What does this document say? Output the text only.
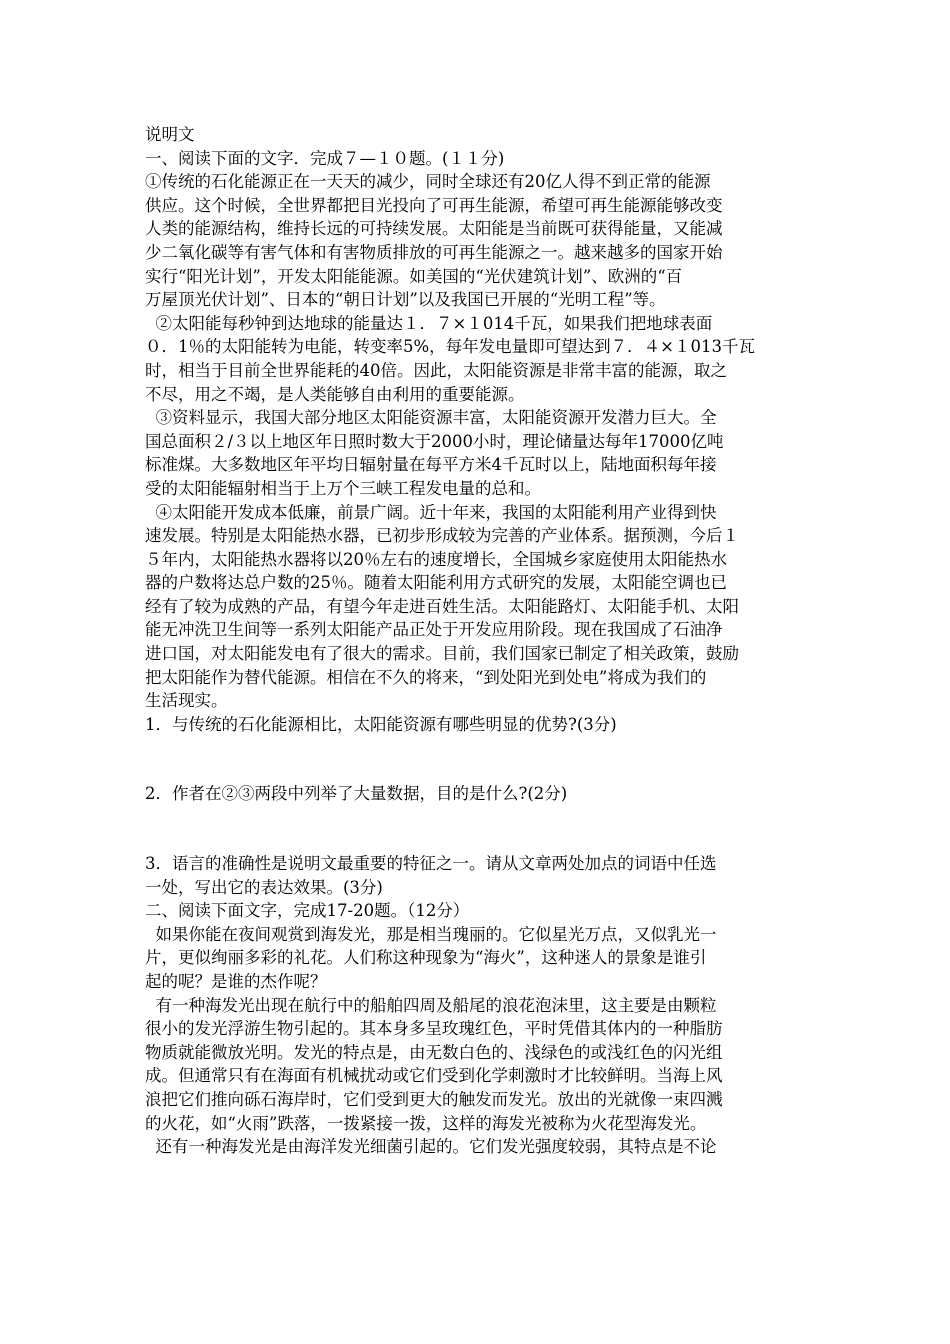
说明文
一、阅读下面的文字．完成７—１０题。(１１分)
①传统的石化能源正在一天天的减少，同时全球还有20亿人得不到正常的能源
供应。这个时候，全世界都把目光投向了可再生能源，希望可再生能源能够改变
人类的能源结构，维持长远的可持续发展。太阳能是当前既可获得能量，又能减
少二氧化碳等有害气体和有害物质排放的可再生能源之一。越来越多的国家开始
实行“阳光计划”，开发太阳能能源。如美国的“光伏建筑计划”、欧洲的“百
万屋顶光伏计划”、日本的“朝日计划”以及我国已开展的“光明工程”等。
②太阳能每秒钟到达地球的能量达１．７×１014千瓦，如果我们把地球表面
０．1％的太阳能转为电能，转变率5%，每年发电量即可望达到７．４×１013千瓦
时，相当于目前全世界能耗的40倍。因此，太阳能资源是非常丰富的能源，取之
不尽，用之不竭，是人类能够自由利用的重要能源。
③资料显示，我国大部分地区太阳能资源丰富，太阳能资源开发潜力巨大。全
国总面积２/３以上地区年日照时数大于2000小时，理论储量达每年17000亿吨
标准煤。大多数地区年平均日辐射量在每平方米4千瓦时以上，陆地面积每年接
受的太阳能辐射相当于上万个三峡工程发电量的总和。
④太阳能开发成本低廉，前景广阔。近十年来，我国的太阳能利用产业得到快
速发展。特别是太阳能热水器，已初步形成较为完善的产业体系。据预测，今后１
５年内，太阳能热水器将以20％左右的速度增长，全国城乡家庭使用太阳能热水
器的户数将达总户数的25％。随着太阳能利用方式研究的发展，太阳能空调也已
经有了较为成熟的产品，有望今年走进百姓生活。太阳能路灯、太阳能手机、太阳
能无冲洗卫生间等一系列太阳能产品正处于开发应用阶段。现在我国成了石油净
进口国，对太阳能发电有了很大的需求。目前，我们国家已制定了相关政策，鼓励
把太阳能作为替代能源。相信在不久的将来，“到处阳光到处电”将成为我们的
生活现实。
1．与传统的石化能源相比，太阳能资源有哪些明显的优势?(3分)
2．作者在②③两段中列举了大量数据，目的是什么?(2分)
3．语言的准确性是说明文最重要的特征之一。请从文章两处加点的词语中任选
一处，写出它的表达效果。(3分)
二、阅读下面文字，完成17-20题。（12分）
如果你能在夜间观赏到海发光，那是相当瑰丽的。它似星光万点，又似乳光一
片，更似绚丽多彩的礼花。人们称这种现象为“海火”，这种迷人的景象是谁引
起的呢？是谁的杰作呢？
有一种海发光出现在航行中的船舶四周及船尾的浪花泡沫里，这主要是由颗粒
很小的发光浮游生物引起的。其本身多呈玫瑰红色，平时凭借其体内的一种脂肪
物质就能微放光明。发光的特点是，由无数白色的、浅绿色的或浅红色的闪光组
成。但通常只有在海面有机械扰动或它们受到化学刺激时才比较鲜明。当海上风
浪把它们推向砾石海岸时，它们受到更大的触发而发光。放出的光就像一束四溅
的火花，如“火雨”跌落，一拨紧接一拨，这样的海发光被称为火花型海发光。
还有一种海发光是由海洋发光细菌引起的。它们发光强度较弱，其特点是不论
